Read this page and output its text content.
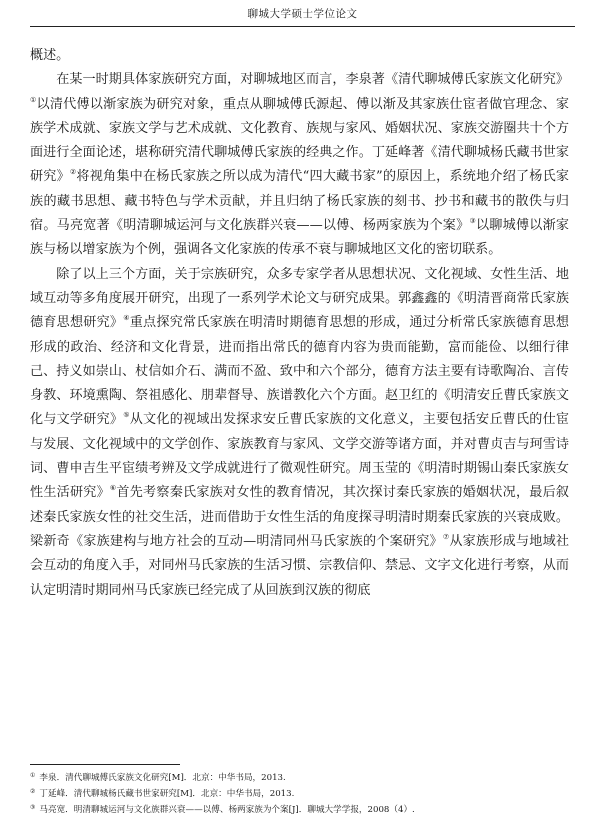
聊城大学硕士学位论文

概述。

在某一时期具体家族研究方面，对聊城地区而言，李泉著《清代聊城傅氏家族文化研究》①以清代傅以渐家族为研究对象，重点从聊城傅氏源起、傅以渐及其家族仕宦者做官理念、家族学术成就、家族文学与艺术成就、文化教育、族规与家风、婚姻状况、家族交游圈共十个方面进行全面论述，堪称研究清代聊城傅氏家族的经典之作。丁延峰著《清代聊城杨氏藏书世家研究》②将视角集中在杨氏家族之所以成为清代“四大藏书家”的原因上，系统地介绍了杨氏家族的藏书思想、藏书特色与学术贡献，并且归纳了杨氏家族的刻书、抄书和藏书的散佚与归宿。马亮宽著《明清聊城运河与文化族群兴衰——以傅、杨两家族为个案》③以聊城傅以渐家族与杨以增家族为个例，强调各文化家族的传承不衰与聊城地区文化的密切联系。

除了以上三个方面，关于宗族研究，众多专家学者从思想状况、文化视域、女性生活、地域互动等多角度展开研究，出现了一系列学术论文与研究成果。郭鑫鑫的《明清晋商常氏家族德育思想研究》④重点探究常氏家族在明清时期德育思想的形成，通过分析常氏家族德育思想形成的政治、经济和文化背景，进而指出常氏的德育内容为贵而能勤，富而能俭、以细行律己、持义如崇山、杖信如介石、满而不盈、致中和六个部分，德育方法主要有诗歌陶冶、言传身教、环境熏陶、祭祖感化、朋辈督导、族谱教化六个方面。赵卫红的《明清安丘曹氏家族文化与文学研究》⑤从文化的视域出发探求安丘曹氏家族的文化意义，主要包括安丘曹氏的仕宦与发展、文化视域中的文学创作、家族教育与家风、文学交游等诸方面，并对曹贞吉与珂雪诗词、曹申吉生平宦绩考辨及文学成就进行了微观性研究。周玉莹的《明清时期锡山秦氏家族女性生活研究》⑥首先考察秦氏家族对女性的教育情况，其次探讨秦氏家族的婚姻状况，最后叙述秦氏家族女性的社交生活，进而借助于女性生活的角度探寻明清时期秦氏家族的兴衰成败。梁新奇《家族建构与地方社会的互动—明清同州马氏家族的个案研究》⑦从家族形成与地域社会互动的角度入手，对同州马氏家族的生活习惯、宗教信仰、禁忌、文字文化进行考察，从而认定明清时期同州马氏家族已经完成了从回族到汉族的彻底

① 李泉．清代聊城傅氏家族文化研究[M]．北京：中华书局，2013.
② 丁延峰．清代聊城杨氏藏书世家研究[M]．北京：中华书局，2013.
③ 马亮宽．明清聊城运河与文化族群兴衰——以傅、杨两家族为个案[J]．聊城大学学报，2008（4）.
